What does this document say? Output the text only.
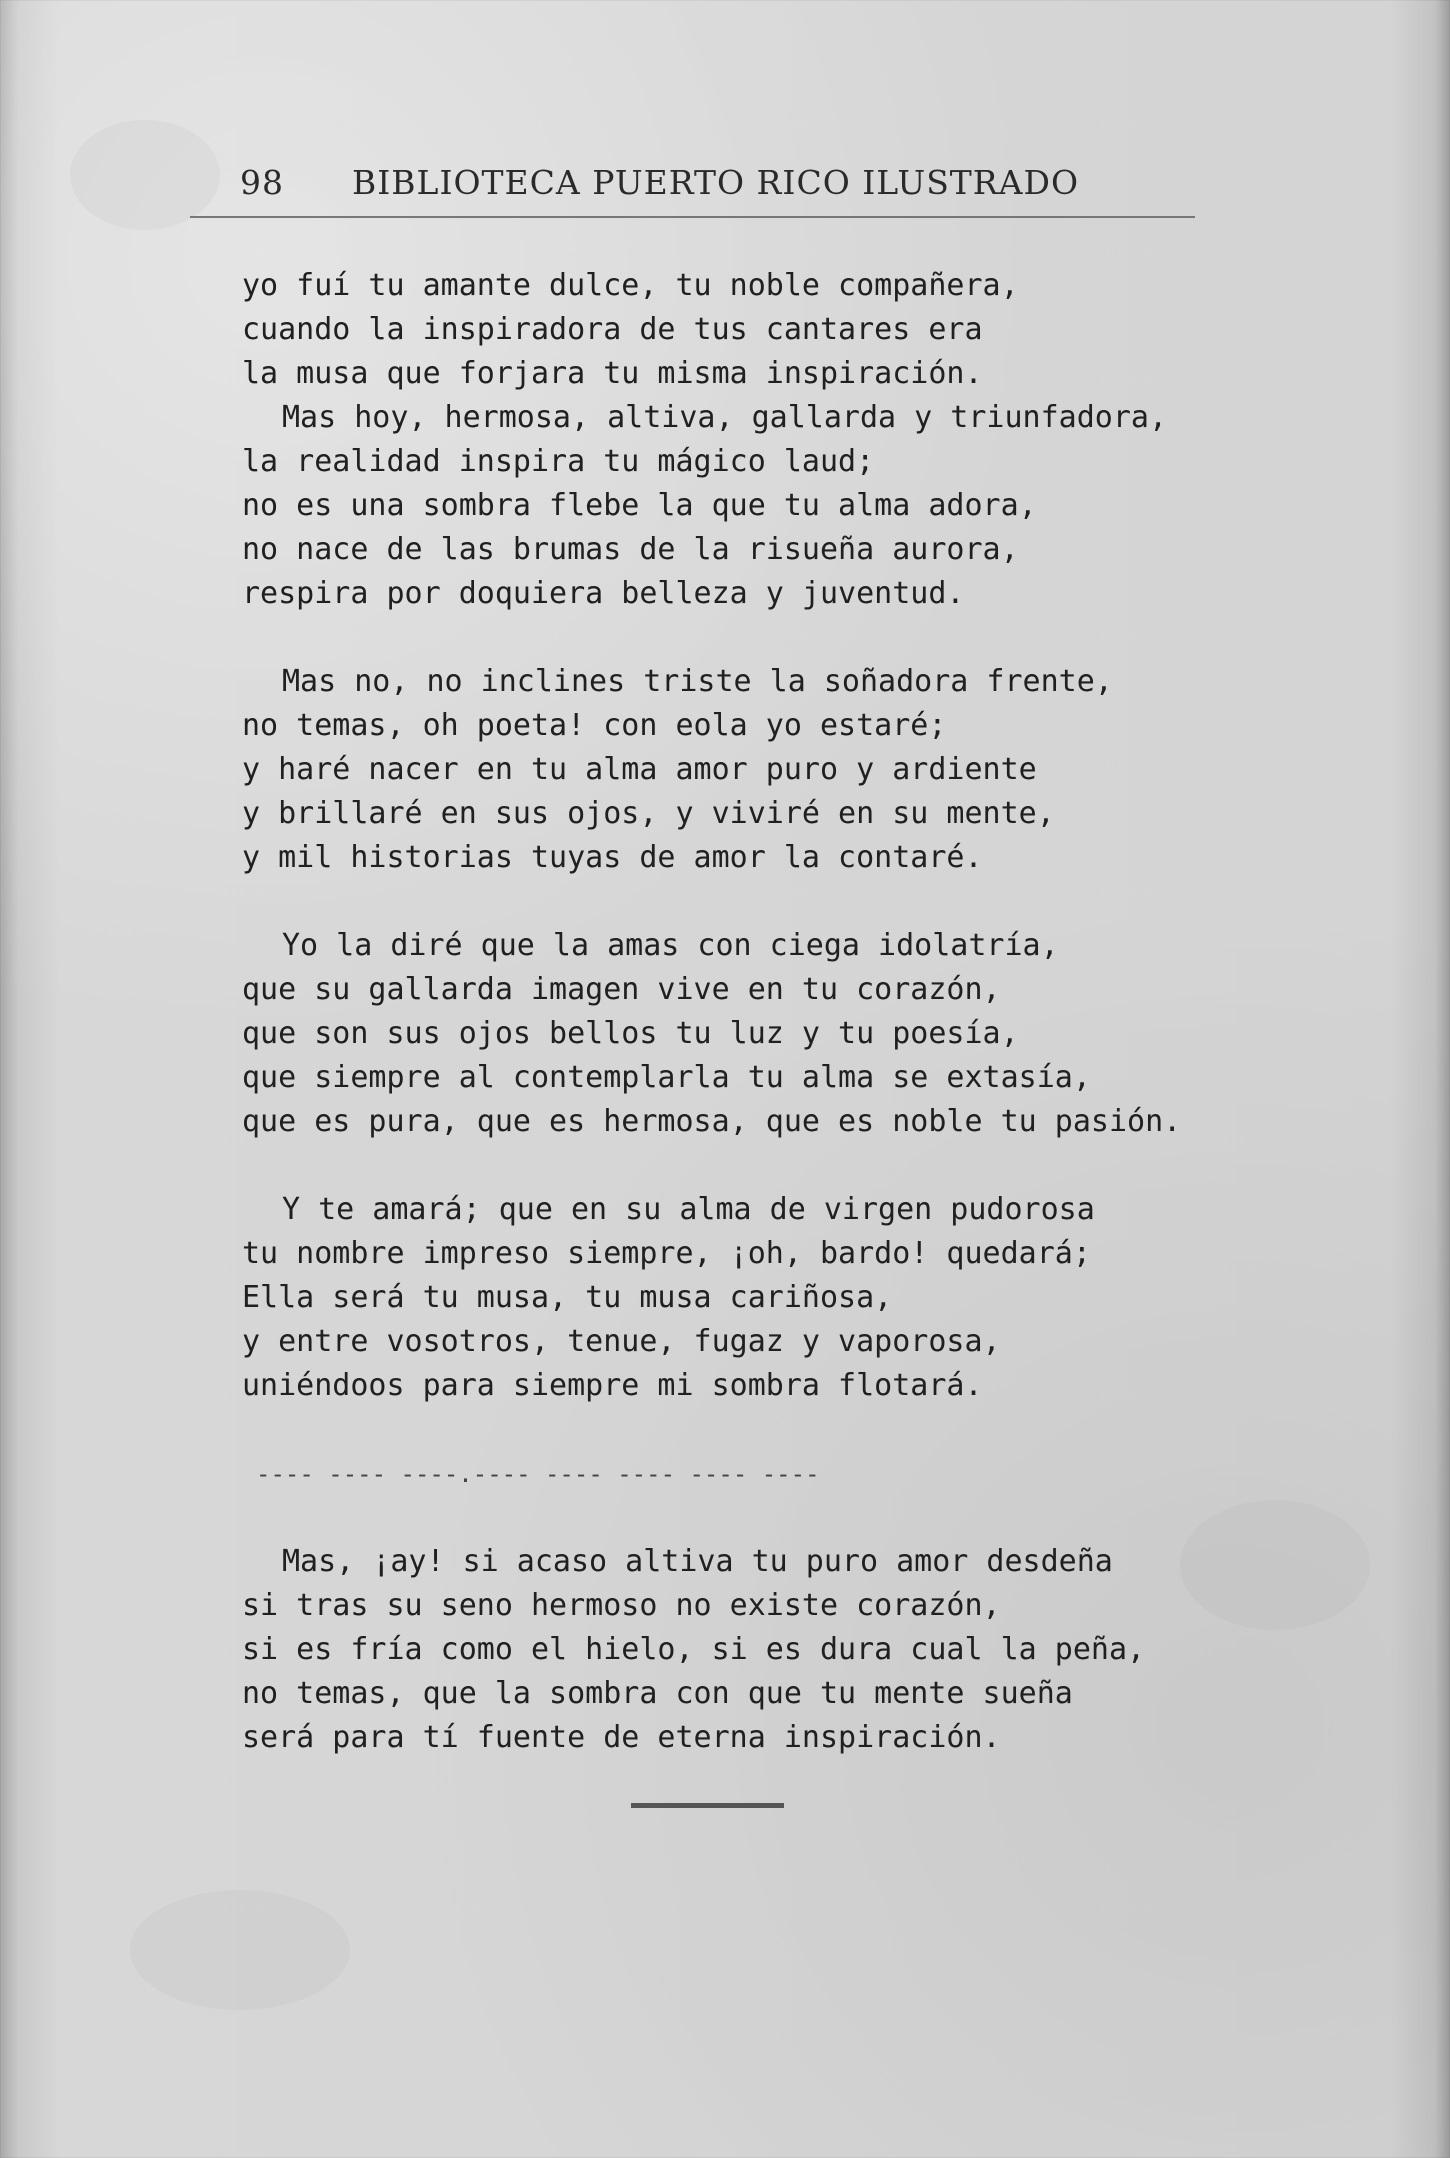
98 BIBLIOTECA PUERTO RICO ILUSTRADO
yo fuí tu amante dulce, tu noble compañera,
cuando la inspiradora de tus cantares era
la musa que forjara tu misma inspiración.
Mas hoy, hermosa, altiva, gallarda y triunfadora,
la realidad inspira tu mágico laud;
no es una sombra flebe la que tu alma adora,
no nace de las brumas de la risueña aurora,
respira por doquiera belleza y juventud.
Mas no, no inclines triste la soñadora frente,
no temas, oh poeta! con eola yo estaré;
y haré nacer en tu alma amor puro y ardiente
y brillaré en sus ojos, y viviré en su mente,
y mil historias tuyas de amor la contaré.
Yo la diré que la amas con ciega idolatría,
que su gallarda imagen vive en tu corazón,
que son sus ojos bellos tu luz y tu poesía,
que siempre al contemplarla tu alma se extasía,
que es pura, que es hermosa, que es noble tu pasión.
Y te amará; que en su alma de virgen pudorosa
tu nombre impreso siempre, ¡oh, bardo! quedará;
Ella será tu musa, tu musa cariñosa,
y entre vosotros, tenue, fugaz y vaporosa,
uniéndoos para siempre mi sombra flotará.
---- ---- ----.---- ---- ---- ---- ----
Mas, ¡ay! si acaso altiva tu puro amor desdeña
si tras su seno hermoso no existe corazón,
si es fría como el hielo, si es dura cual la peña,
no temas, que la sombra con que tu mente sueña
será para tí fuente de eterna inspiración.
